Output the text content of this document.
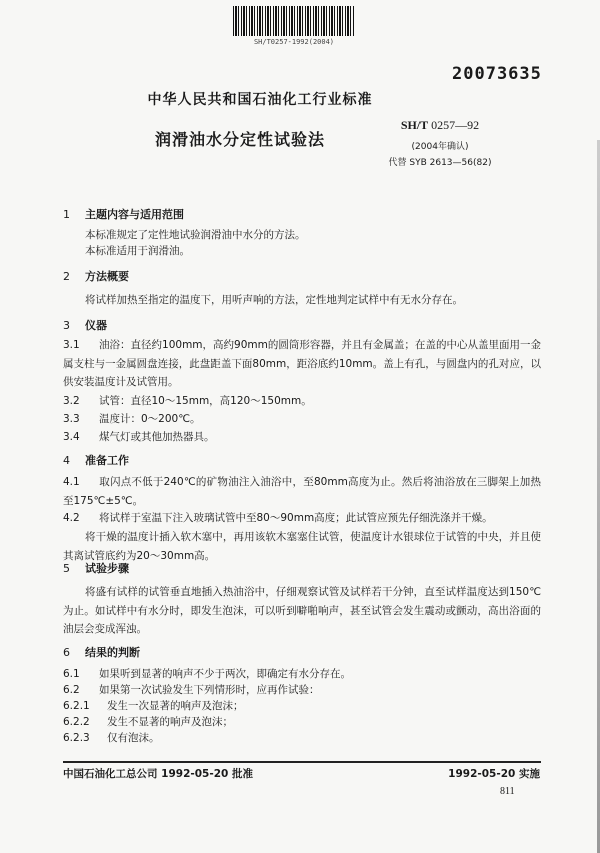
SH/T0257-1992(2004)
20073635
中华人民共和国石油化工行业标准
润滑油水分定性试验法
SH/T 0257—92
(2004年确认)
代替 SYB 2613—56(82)
1 主题内容与适用范围
本标准规定了定性地试验润滑油中水分的方法。
本标准适用于润滑油。
2 方法概要
将试样加热至指定的温度下，用听声响的方法，定性地判定试样中有无水分存在。
3 仪器
3.1 油浴：直径约100mm，高约90mm的圆筒形容器，并且有金属盖；在盖的中心从盖里面用一金属支柱与一金属圆盘连接，此盘距盖下面80mm，距浴底约10mm。盖上有孔，与圆盘内的孔对应，以供安装温度计及试管用。
3.2 试管：直径10～15mm，高120～150mm。
3.3 温度计：0～200℃。
3.4 煤气灯或其他加热器具。
4 准备工作
4.1 取闪点不低于240℃的矿物油注入油浴中，至80mm高度为止。然后将油浴放在三脚架上加热至175℃±5℃。
4.2 将试样于室温下注入玻璃试管中至80～90mm高度；此试管应预先仔细洗涤并干燥。
将干燥的温度计插入软木塞中，再用该软木塞塞住试管，使温度计水银球位于试管的中央，并且使其离试管底约为20～30mm高。
5 试验步骤
将盛有试样的试管垂直地插入热油浴中，仔细观察试管及试样若干分钟，直至试样温度达到150℃为止。如试样中有水分时，即发生泡沫，可以听到噼啪响声，甚至试管会发生震动或颤动，高出浴面的油层会变成浑浊。
6 结果的判断
6.1 如果听到显著的响声不少于两次，即确定有水分存在。
6.2 如果第一次试验发生下列情形时，应再作试验：
6.2.1 发生一次显著的响声及泡沫；
6.2.2 发生不显著的响声及泡沫；
6.2.3 仅有泡沫。
中国石油化工总公司 1992-05-20 批准	1992-05-20 实施
811
